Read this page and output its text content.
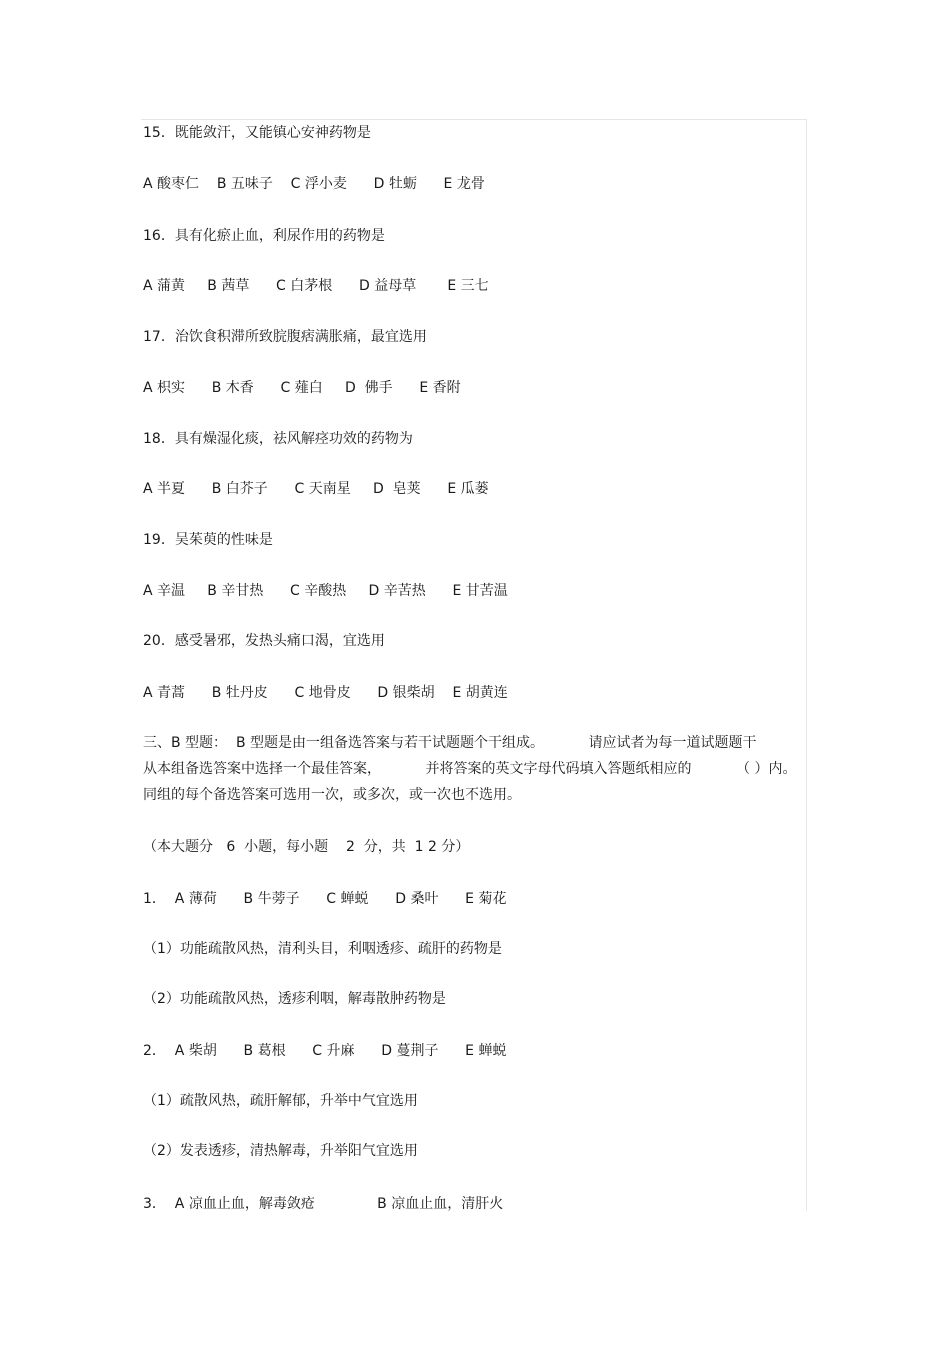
15．既能敛汗，又能镇心安神药物是

A 酸枣仁    B 五味子    C 浮小麦      D 牡蛎      E 龙骨

16．具有化瘀止血，利尿作用的药物是

A 蒲黄     B 茜草      C 白茅根      D 益母草       E 三七

17．治饮食积滞所致脘腹痞满胀痛，最宜选用

A 枳实      B 木香      C 薤白     D  佛手      E 香附

18．具有燥湿化痰，祛风解痉功效的药物为

A 半夏      B 白芥子      C 天南星     D  皂荚      E 瓜蒌

19．吴茱萸的性味是

A 辛温     B 辛甘热      C 辛酸热     D 辛苦热      E 甘苦温

20．感受暑邪，发热头痛口渴，宜选用

A 青蒿      B 牡丹皮      C 地骨皮      D 银柴胡    E 胡黄连

三、B 型题：  B 型题是由一组备选答案与若干试题题个干组成。          请应试者为每一道试题题干
从本组备选答案中选择一个最佳答案，          并将答案的英文字母代码填入答题纸相应的          （ ）内。
同组的每个备选答案可选用一次，或多次，或一次也不选用。

（本大题分   6  小题，每小题    2  分，共  1 2 分）

1．  A 薄荷      B 牛蒡子      C 蝉蜕      D 桑叶      E 菊花

（1）功能疏散风热，清利头目，利咽透疹、疏肝的药物是

（2）功能疏散风热，透疹利咽，解毒散肿药物是

2．  A 柴胡      B 葛根      C 升麻      D 蔓荆子      E 蝉蜕

（1）疏散风热，疏肝解郁，升举中气宜选用

（2）发表透疹，清热解毒，升举阳气宜选用

3．  A 凉血止血，解毒敛疮              B 凉血止血，清肝火
